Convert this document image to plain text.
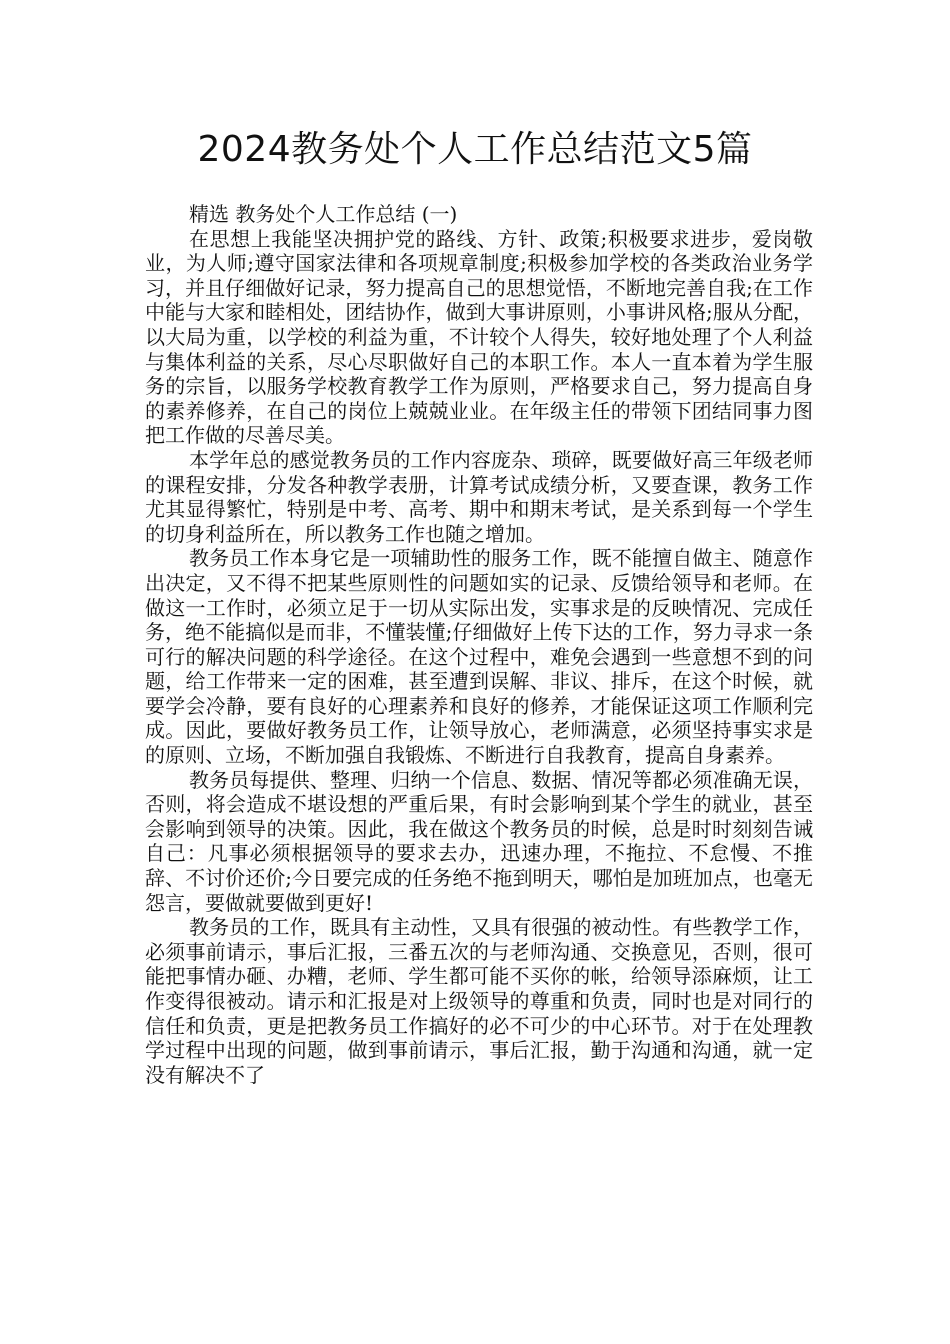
2024教务处个人工作总结范文5篇

精选 教务处个人工作总结 (一)

在思想上我能坚决拥护党的路线、方针、政策;积极要求进步，爱岗敬业，为人师;遵守国家法律和各项规章制度;积极参加学校的各类政治业务学习，并且仔细做好记录，努力提高自己的思想觉悟，不断地完善自我;在工作中能与大家和睦相处，团结协作，做到大事讲原则，小事讲风格;服从分配，以大局为重，以学校的利益为重，不计较个人得失，较好地处理了个人利益与集体利益的关系，尽心尽职做好自己的本职工作。本人一直本着为学生服务的宗旨，以服务学校教育教学工作为原则，严格要求自己，努力提高自身的素养修养，在自己的岗位上兢兢业业。在年级主任的带领下团结同事力图把工作做的尽善尽美。

本学年总的感觉教务员的工作内容庞杂、琐碎，既要做好高三年级老师的课程安排，分发各种教学表册，计算考试成绩分析，又要查课，教务工作尤其显得繁忙，特别是中考、高考、期中和期末考试，是关系到每一个学生的切身利益所在，所以教务工作也随之增加。

教务员工作本身它是一项辅助性的服务工作，既不能擅自做主、随意作出决定，又不得不把某些原则性的问题如实的记录、反馈给领导和老师。在做这一工作时，必须立足于一切从实际出发，实事求是的反映情况、完成任务，绝不能搞似是而非，不懂装懂;仔细做好上传下达的工作，努力寻求一条可行的解决问题的科学途径。在这个过程中，难免会遇到一些意想不到的问题，给工作带来一定的困难，甚至遭到误解、非议、排斥，在这个时候，就要学会冷静，要有良好的心理素养和良好的修养，才能保证这项工作顺利完成。因此，要做好教务员工作，让领导放心，老师满意，必须坚持事实求是的原则、立场，不断加强自我锻炼、不断进行自我教育，提高自身素养。

教务员每提供、整理、归纳一个信息、数据、情况等都必须准确无误，否则，将会造成不堪设想的严重后果，有时会影响到某个学生的就业，甚至会影响到领导的决策。因此，我在做这个教务员的时候，总是时时刻刻告诫自己：凡事必须根据领导的要求去办，迅速办理，不拖拉、不怠慢、不推辞、不讨价还价;今日要完成的任务绝不拖到明天，哪怕是加班加点，也毫无怨言，要做就要做到更好!

教务员的工作，既具有主动性，又具有很强的被动性。有些教学工作，必须事前请示，事后汇报，三番五次的与老师沟通、交换意见，否则，很可能把事情办砸、办糟，老师、学生都可能不买你的帐，给领导添麻烦，让工作变得很被动。请示和汇报是对上级领导的尊重和负责，同时也是对同行的信任和负责，更是把教务员工作搞好的必不可少的中心环节。对于在处理教学过程中出现的问题，做到事前请示，事后汇报，勤于沟通和沟通，就一定没有解决不了
